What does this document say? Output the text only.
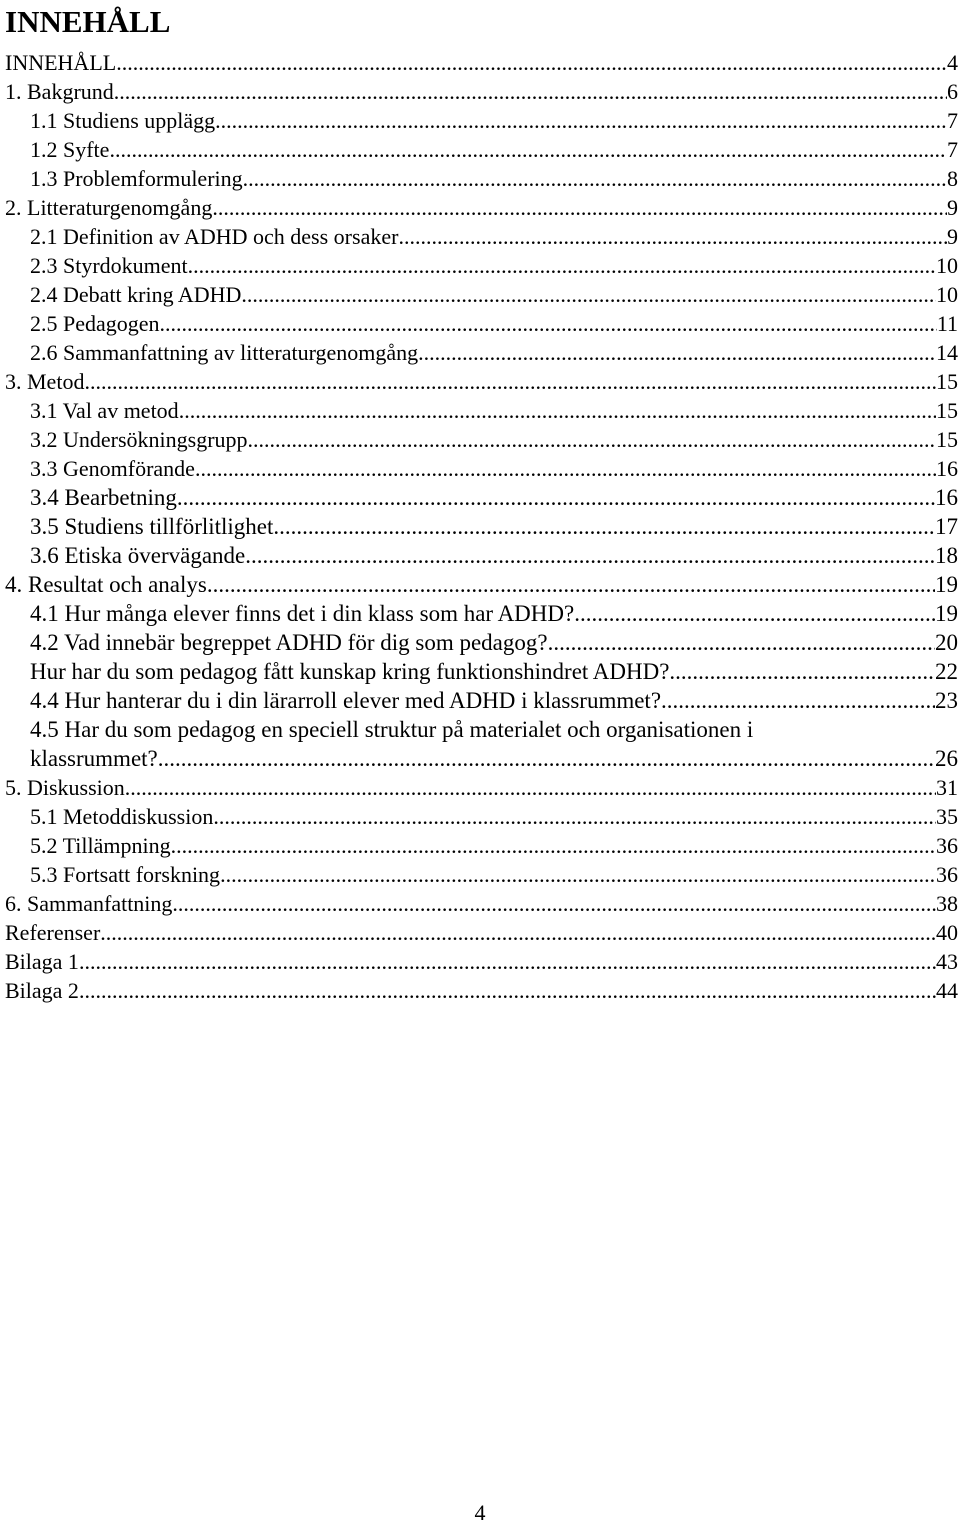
INNEHÅLL
INNEHÅLL .....	4
1. Bakgrund .....	6
1.1 Studiens upplägg .....	7
1.2 Syfte .....	7
1.3 Problemformulering .....	8
2. Litteraturgenomgång .....	9
2.1 Definition av ADHD och dess orsaker .....	9
2.3 Styrdokument .....	10
2.4 Debatt kring ADHD .....	10
2.5 Pedagogen .....	11
2.6 Sammanfattning av litteraturgenomgång .....	14
3. Metod .....	15
3.1 Val av metod .....	15
3.2 Undersökningsgrupp .....	15
3.3 Genomförande .....	16
3.4 Bearbetning .....	16
3.5 Studiens tillförlitlighet .....	17
3.6 Etiska övervägande .....	18
4. Resultat och analys .....	19
4.1 Hur många elever finns det i din klass som har ADHD? .....	19
4.2 Vad innebär begreppet ADHD för dig som pedagog? .....	20
Hur har du som pedagog fått kunskap kring funktionshindret ADHD? .....	22
4.4 Hur hanterar du i din lärarroll elever med ADHD i klassrummet? .....	23
4.5 Har du som pedagog en speciell struktur på materialet och organisationen i
klassrummet? .....	26
5. Diskussion .....	31
5.1 Metoddiskussion .....	35
5.2 Tillämpning .....	36
5.3 Fortsatt forskning .....	36
6. Sammanfattning .....	38
Referenser .....	40
Bilaga 1 .....	43
Bilaga 2 .....	44
4
